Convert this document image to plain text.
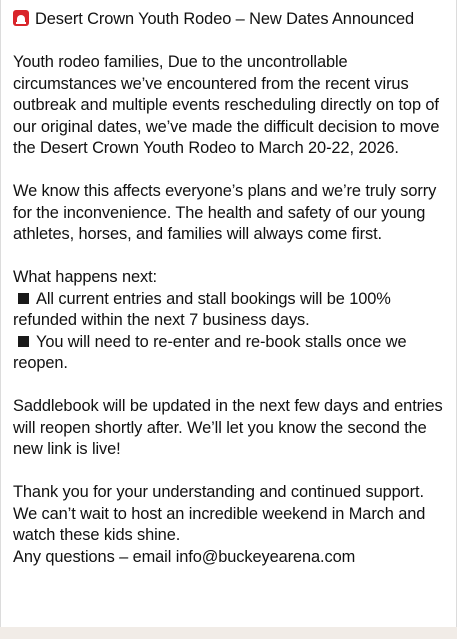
Desert Crown Youth Rodeo – New Dates Announced

Youth rodeo families, Due to the uncontrollable circumstances we’ve encountered from the recent virus outbreak and multiple events rescheduling directly on top of our original dates, we’ve made the difficult decision to move the Desert Crown Youth Rodeo to March 20-22, 2026.

We know this affects everyone’s plans and we’re truly sorry for the inconvenience. The health and safety of our young athletes, horses, and families will always come first.

What happens next:
All current entries and stall bookings will be 100% refunded within the next 7 business days.
You will need to re-enter and re-book stalls once we reopen.

Saddlebook will be updated in the next few days and entries will reopen shortly after. We’ll let you know the second the new link is live!

Thank you for your understanding and continued support. We can’t wait to host an incredible weekend in March and watch these kids shine.
Any questions – email info@buckeyearena.com
